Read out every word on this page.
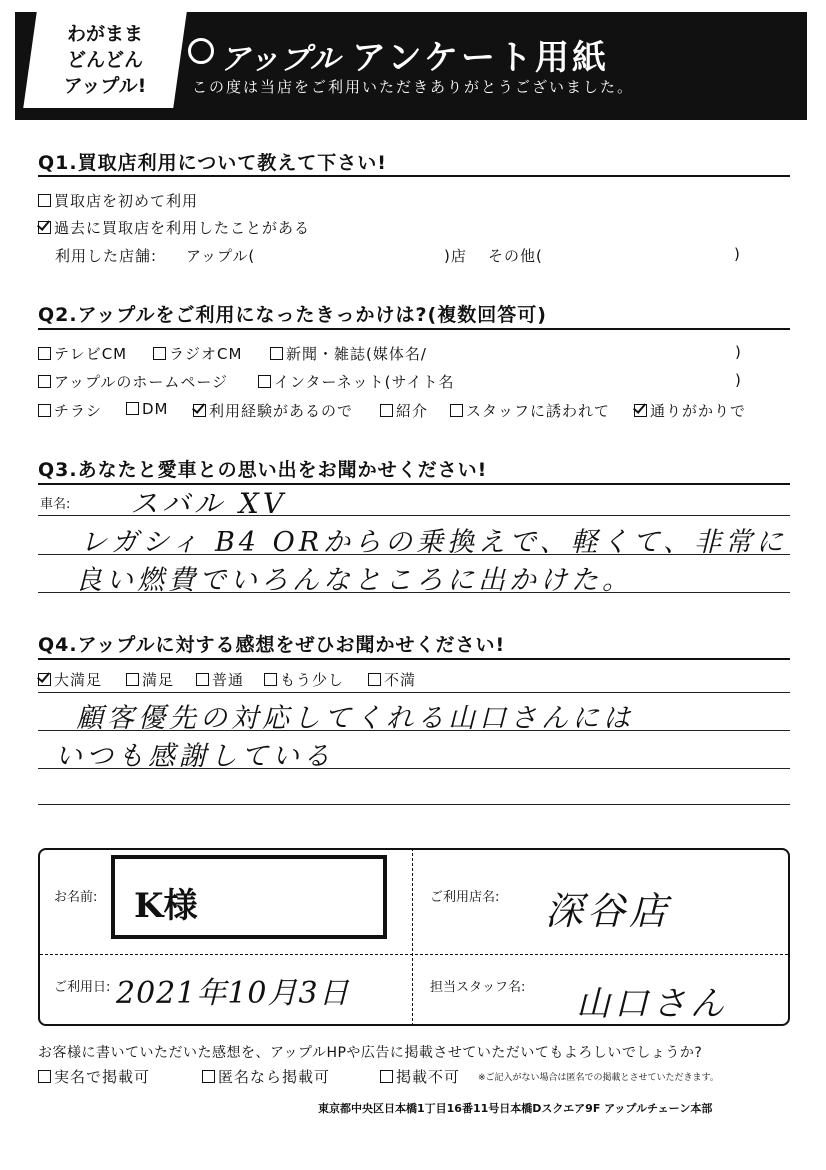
わがまま
どんどん
アップル!
アップル アンケート用紙
この度は当店をご利用いただきありがとうございました。
Q1.買取店利用について教えて下さい!
買取店を初めて利用
過去に買取店を利用したことがある
利用した店舗: アップル(	)店 その他(	)
Q2.アップルをご利用になったきっかけは?(複数回答可)
テレビCM	ラジオCM	新聞・雑誌(媒体名/	)
アップルのホームページ	インターネット(サイト名	)
チラシ	DM	利用経験があるので	紹介	スタッフに誘われて	通りがかりで
Q3.あなたと愛車との思い出をお聞かせください!
車名: スバル XV
レガシィ B4 ORからの乗換えで、軽くて、非常に
良い燃費でいろんなところに出かけた。
Q4.アップルに対する感想をぜひお聞かせください!
大満足	満足	普通	もう少し	不満
顧客優先の対応してくれる山口さんには
いつも感謝している
お名前: K様	ご利用店名: 深谷店
ご利用日: 2021年10月3日	担当スタッフ名: 山口さん
お客様に書いていただいた感想を、アップルHPや広告に掲載させていただいてもよろしいでしょうか?
実名で掲載可	匿名なら掲載可	掲載不可 ※ご記入がない場合は匿名での掲載とさせていただきます。
東京都中央区日本橋1丁目16番11号日本橋Dスクエア9F アップルチェーン本部
